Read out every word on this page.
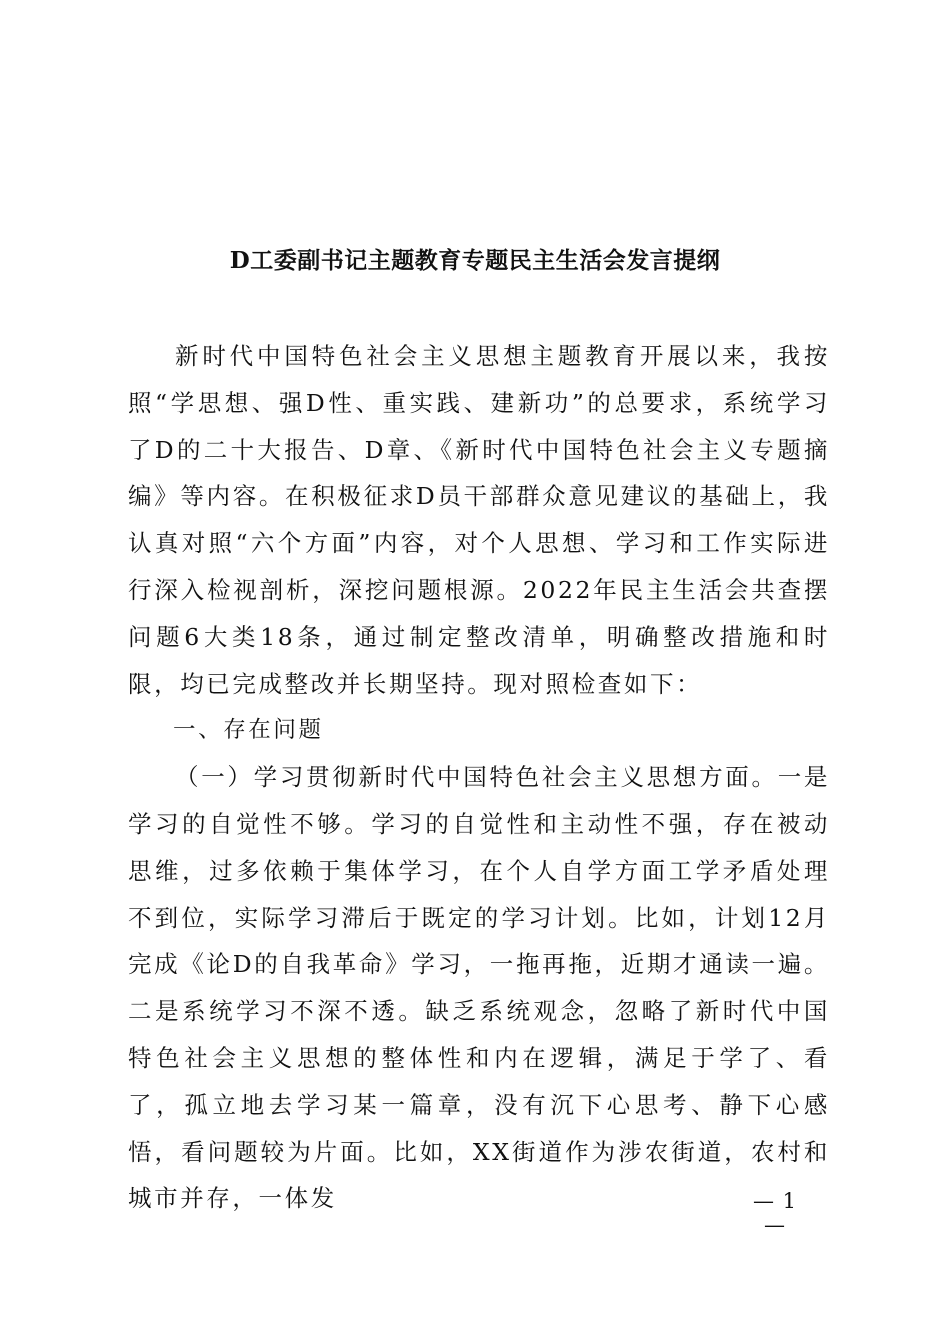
D工委副书记主题教育专题民主生活会发言提纲

新时代中国特色社会主义思想主题教育开展以来，我按照“学思想、强D性、重实践、建新功”的总要求，系统学习了D的二十大报告、D章、《新时代中国特色社会主义专题摘编》等内容。在积极征求D员干部群众意见建议的基础上，我认真对照“六个方面”内容，对个人思想、学习和工作实际进行深入检视剖析，深挖问题根源。2022年民主生活会共查摆问题6大类18条，通过制定整改清单，明确整改措施和时限，均已完成整改并长期坚持。现对照检查如下：

一、存在问题

（一）学习贯彻新时代中国特色社会主义思想方面。一是学习的自觉性不够。学习的自觉性和主动性不强，存在被动思维，过多依赖于集体学习，在个人自学方面工学矛盾处理不到位，实际学习滞后于既定的学习计划。比如，计划12月完成《论D的自我革命》学习，一拖再拖，近期才通读一遍。二是系统学习不深不透。缺乏系统观念，忽略了新时代中国特色社会主义思想的整体性和内在逻辑，满足于学了、看了，孤立地去学习某一篇章，没有沉下心思考、静下心感悟，看问题较为片面。比如，XX街道作为涉农街道，农村和城市并存，一体发	— 1 —
